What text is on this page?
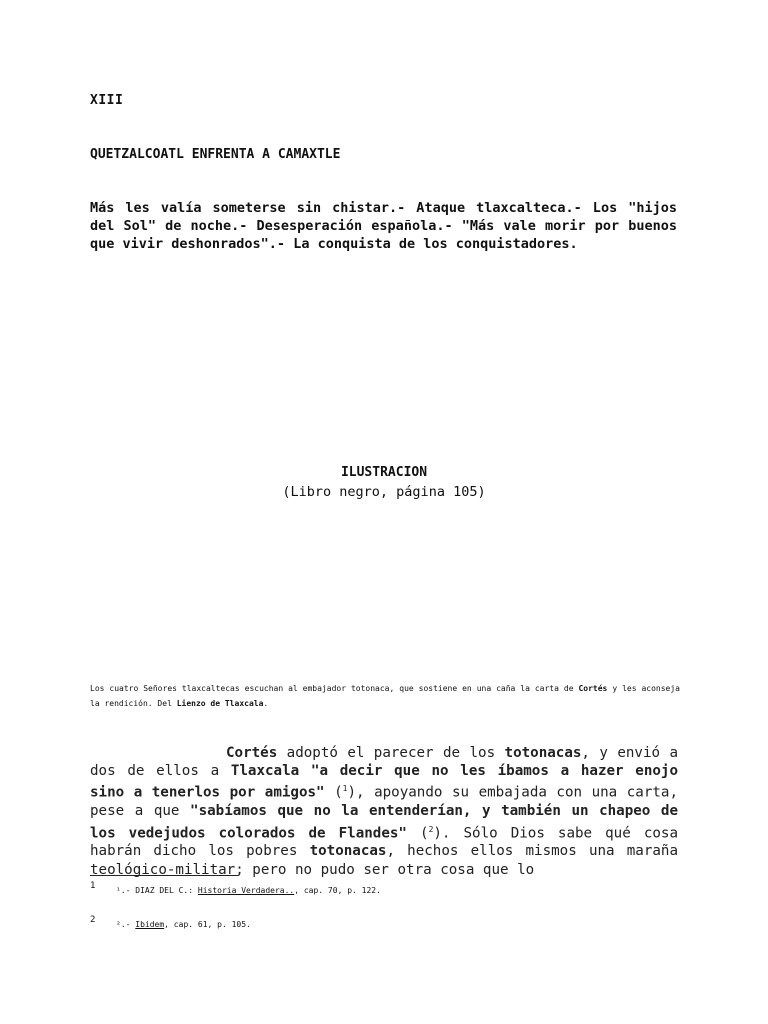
XIII
QUETZALCOATL ENFRENTA A CAMAXTLE
Más les valía someterse sin chistar.- Ataque tlaxcalteca.- Los "hijos del Sol" de noche.- Desesperación española.- "Más vale morir por buenos que vivir deshonrados".- La conquista de los conquistadores.
ILUSTRACION
(Libro negro, página 105)
Los cuatro Señores tlaxcaltecas escuchan al embajador totonaca, que sostiene en una caña la carta de Cortés y les aconseja la rendición. Del Lienzo de Tlaxcala.
Cortés adoptó el parecer de los totonacas, y envió a dos de ellos a Tlaxcala "a decir que no les íbamos a hazer enojo sino a tenerlos por amigos" ($^1$), apoyando su embajada con una carta, pese a que "sabíamos que no la entenderían, y también un chapeo de los vedejudos colorados de Flandes" ($^2$). Sólo Dios sabe qué cosa habrán dicho los pobres totonacas, hechos ellos mismos una maraña teológico-militar; pero no pudo ser otra cosa que lo
1	¹.- DIAZ DEL C.: Historia Verdadera.., cap. 70, p. 122.
2	².- Ibidem, cap. 61, p. 105.
